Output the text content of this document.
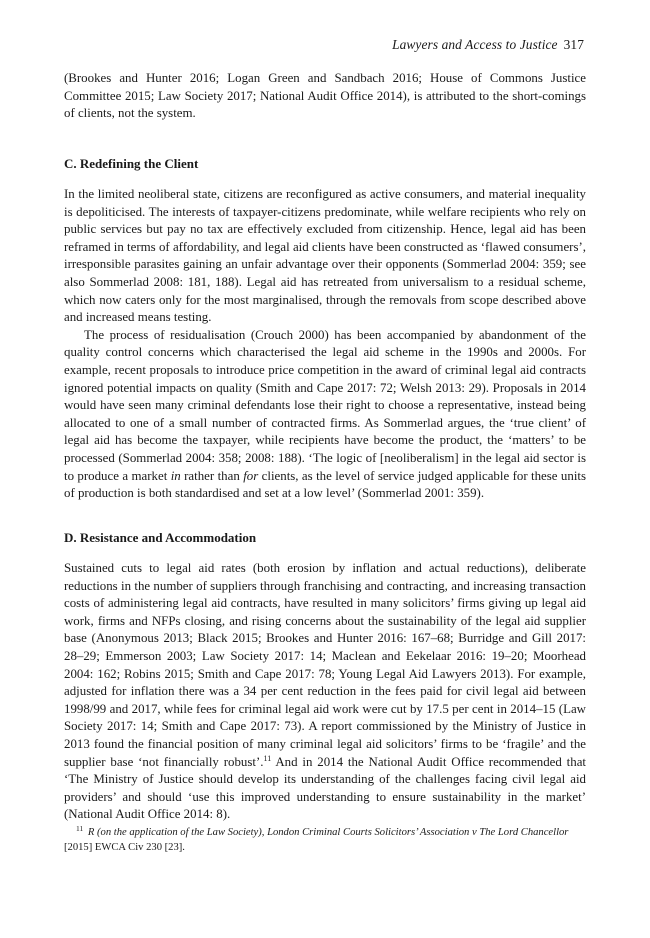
Lawyers and Access to Justice 317

(Brookes and Hunter 2016; Logan Green and Sandbach 2016; House of Commons Justice Committee 2015; Law Society 2017; National Audit Office 2014), is attributed to the short-comings of clients, not the system.

C. Redefining the Client

In the limited neoliberal state, citizens are reconfigured as active consumers, and material inequality is depoliticised. The interests of taxpayer-citizens predominate, while welfare recipients who rely on public services but pay no tax are effectively excluded from citizenship. Hence, legal aid has been reframed in terms of affordability, and legal aid clients have been constructed as ‘flawed consumers’, irresponsible parasites gaining an unfair advantage over their opponents (Sommerlad 2004: 359; see also Sommerlad 2008: 181, 188). Legal aid has retreated from universalism to a residual scheme, which now caters only for the most marginalised, through the removals from scope described above and increased means testing.

The process of residualisation (Crouch 2000) has been accompanied by abandonment of the quality control concerns which characterised the legal aid scheme in the 1990s and 2000s. For example, recent proposals to introduce price competition in the award of criminal legal aid contracts ignored potential impacts on quality (Smith and Cape 2017: 72; Welsh 2013: 29). Proposals in 2014 would have seen many criminal defendants lose their right to choose a representative, instead being allocated to one of a small number of contracted firms. As Sommerlad argues, the ‘true client’ of legal aid has become the taxpayer, while recipients have become the product, the ‘matters’ to be processed (Sommerlad 2004: 358; 2008: 188). ‘The logic of [neoliberalism] in the legal aid sector is to produce a market in rather than for clients, as the level of service judged applicable for these units of production is both standardised and set at a low level’ (Sommerlad 2001: 359).

D. Resistance and Accommodation

Sustained cuts to legal aid rates (both erosion by inflation and actual reductions), deliberate reductions in the number of suppliers through franchising and contracting, and increasing transaction costs of administering legal aid contracts, have resulted in many solicitors’ firms giving up legal aid work, firms and NFPs closing, and rising concerns about the sustainability of the legal aid supplier base (Anonymous 2013; Black 2015; Brookes and Hunter 2016: 167–68; Burridge and Gill 2017: 28–29; Emmerson 2003; Law Society 2017: 14; Maclean and Eekelaar 2016: 19–20; Moorhead 2004: 162; Robins 2015; Smith and Cape 2017: 78; Young Legal Aid Lawyers 2013). For example, adjusted for inflation there was a 34 per cent reduction in the fees paid for civil legal aid between 1998/99 and 2017, while fees for criminal legal aid work were cut by 17.5 per cent in 2014–15 (Law Society 2017: 14; Smith and Cape 2017: 73). A report commissioned by the Ministry of Justice in 2013 found the financial position of many criminal legal aid solicitors’ firms to be ‘fragile’ and the supplier base ‘not financially robust’.$^{11}$ And in 2014 the National Audit Office recommended that ‘The Ministry of Justice should develop its understanding of the challenges facing civil legal aid providers’ and should ‘use this improved understanding to ensure sustainability in the market’ (National Audit Office 2014: 8).

$^{11}$ R (on the application of the Law Society), London Criminal Courts Solicitors’ Association v The Lord Chancellor [2015] EWCA Civ 230 [23].
